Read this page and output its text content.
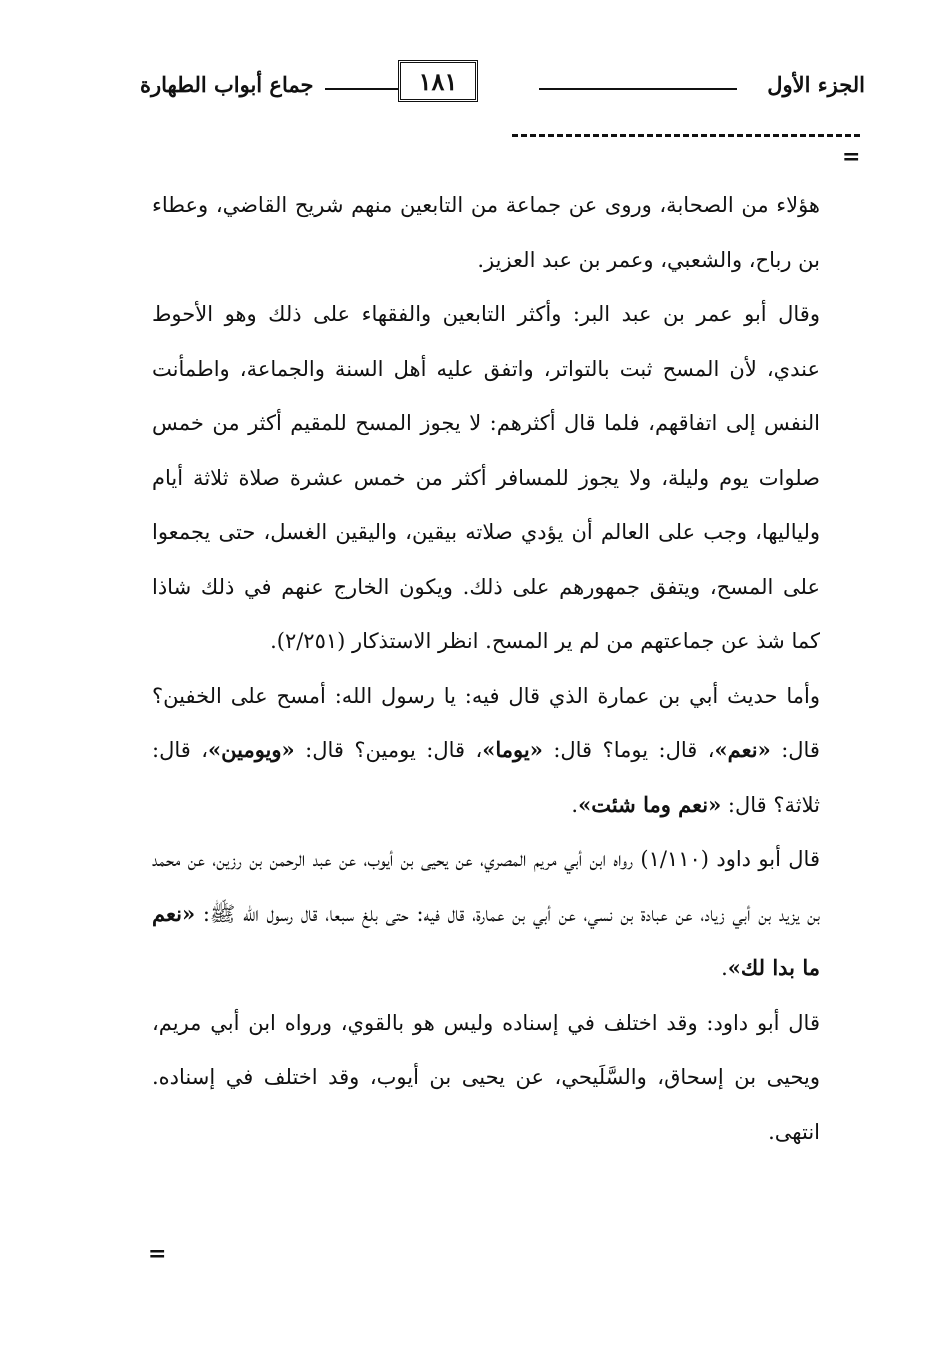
الجزء الأول
١٨١
جماع أبواب الطهارة
=

هؤلاء من الصحابة، وروى عن جماعة من التابعين منهم شريح القاضي، وعطاء بن رباح، والشعبي، وعمر بن عبد العزيز.

وقال أبو عمر بن عبد البر: وأكثر التابعين والفقهاء على ذلك وهو الأحوط عندي، لأن المسح ثبت بالتواتر، واتفق عليه أهل السنة والجماعة، واطمأنت النفس إلى اتفاقهم، فلما قال أكثرهم: لا يجوز المسح للمقيم أكثر من خمس صلوات يوم وليلة، ولا يجوز للمسافر أكثر من خمس عشرة صلاة ثلاثة أيام ولياليها، وجب على العالم أن يؤدي صلاته بيقين، واليقين الغسل، حتى يجمعوا على المسح، ويتفق جمهورهم على ذلك. ويكون الخارج عنهم في ذلك شاذا كما شذ عن جماعتهم من لم ير المسح. انظر الاستذكار (٢/٢٥١).

وأما حديث أبي بن عمارة الذي قال فيه: يا رسول الله: أمسح على الخفين؟ قال: «نعم»، قال: يوما؟ قال: «يوما»، قال: يومين؟ قال: «ويومين»، قال: ثلاثة؟ قال: «نعم وما شئت».

قال أبو داود (١/١١٠) رواه ابن أبي مريم المصري، عن يحيى بن أيوب، عن عبد الرحمن بن رزين، عن محمد بن يزيد بن أبي زياد، عن عبادة بن نسي، عن أبي بن عمارة، قال فيه: حتى بلغ سبعا، قال رسول الله ﷺ: «نعم ما بدا لك».

قال أبو داود: وقد اختلف في إسناده وليس هو بالقوي، ورواه ابن أبي مريم، ويحيى بن إسحاق، والسَّلَيحي، عن يحيى بن أيوب، وقد اختلف في إسناده. انتهى.

=
